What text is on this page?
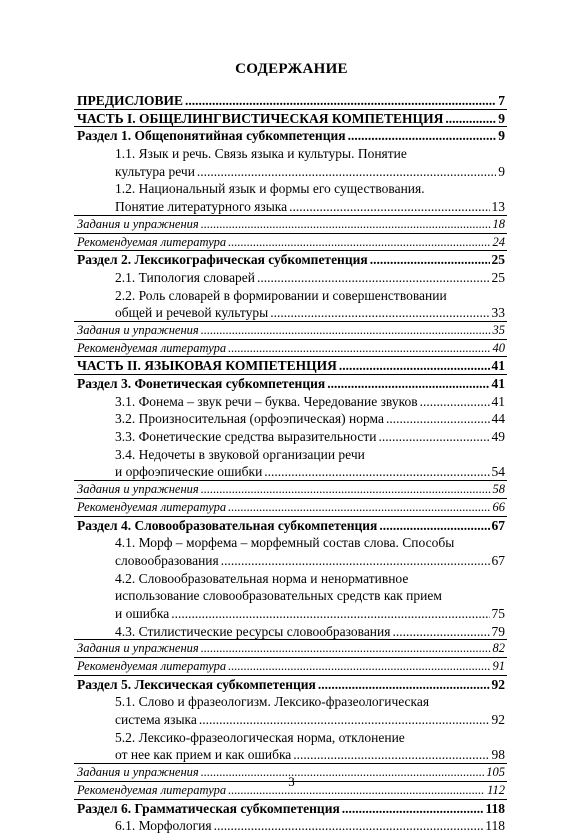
СОДЕРЖАНИЕ
ПРЕДИСЛОВИЕ .....	7
ЧАСТЬ I. ОБЩЕЛИНГВИСТИЧЕСКАЯ КОМПЕТЕНЦИЯ .....	9
Раздел 1. Общепонятийная субкомпетенция .....	9
1.1. Язык и речь. Связь языка и культуры. Понятие
культура речи .....	9
1.2. Национальный язык и формы его существования.
Понятие литературного языка .....	13
Задания и упражнения .....	18
Рекомендуемая литература .....	24
Раздел 2. Лексикографическая субкомпетенция .....	25
2.1. Типология словарей .....	25
2.2. Роль словарей в формировании и совершенствовании
общей и речевой культуры .....	33
Задания и упражнения .....	35
Рекомендуемая литература .....	40
ЧАСТЬ II. ЯЗЫКОВАЯ КОМПЕТЕНЦИЯ .....	41
Раздел 3. Фонетическая субкомпетенция .....	41
3.1. Фонема – звук речи – буква. Чередование звуков .....	41
3.2. Произносительная (орфоэпическая) норма .....	44
3.3. Фонетические средства выразительности .....	49
3.4. Недочеты в звуковой организации речи
и орфоэпические ошибки .....	54
Задания и упражнения .....	58
Рекомендуемая литература .....	66
Раздел 4. Словообразовательная субкомпетенция .....	67
4.1. Морф – морфема – морфемный состав слова. Способы
словообразования .....	67
4.2. Словообразовательная норма и ненормативное
использование словообразовательных средств как прием
и ошибка .....	75
4.3. Стилистические ресурсы словообразования .....	79
Задания и упражнения .....	82
Рекомендуемая литература .....	91
Раздел 5. Лексическая субкомпетенция .....	92
5.1. Слово и фразеологизм. Лексико-фразеологическая
система языка .....	92
5.2. Лексико-фразеологическая норма, отклонение
от нее как прием и как ошибка .....	98
Задания и упражнения .....	105
Рекомендуемая литература .....	112
Раздел 6. Грамматическая субкомпетенция .....	118
6.1. Морфология .....	118
3
